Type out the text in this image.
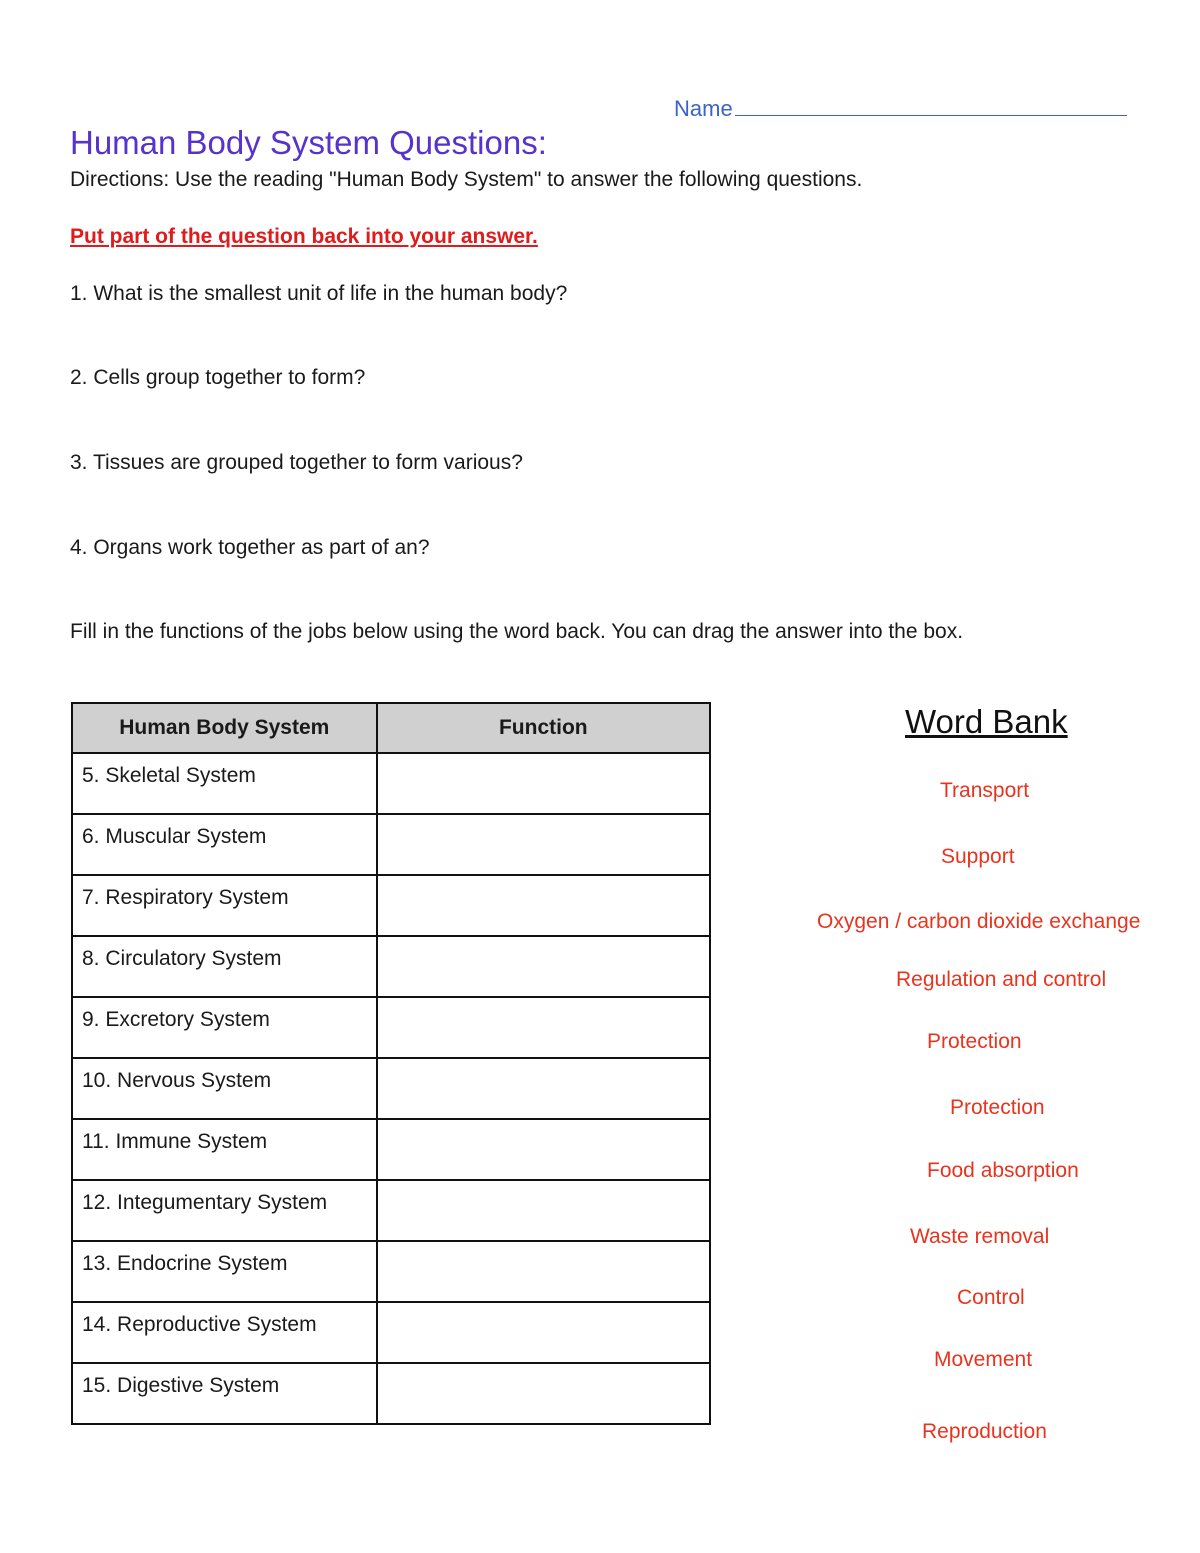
Name
Human Body System Questions:
Directions: Use the reading "Human Body System" to answer the following questions.
Put part of the question back into your answer.
1. What is the smallest unit of life in the human body?
2. Cells group together to form?
3. Tissues are grouped together to form various?
4. Organs work together as part of an?
Fill in the functions of the jobs below using the word back. You can drag the answer into the box.
Human Body System	Function
5. Skeletal System	
6. Muscular System	
7. Respiratory System	
8. Circulatory System	
9. Excretory System	
10. Nervous System	
11. Immune System	
12. Integumentary System	
13. Endocrine System	
14. Reproductive System	
15. Digestive System	
Word Bank
Transport
Support
Oxygen / carbon dioxide exchange
Regulation and control
Protection
Protection
Food absorption
Waste removal
Control
Movement
Reproduction
